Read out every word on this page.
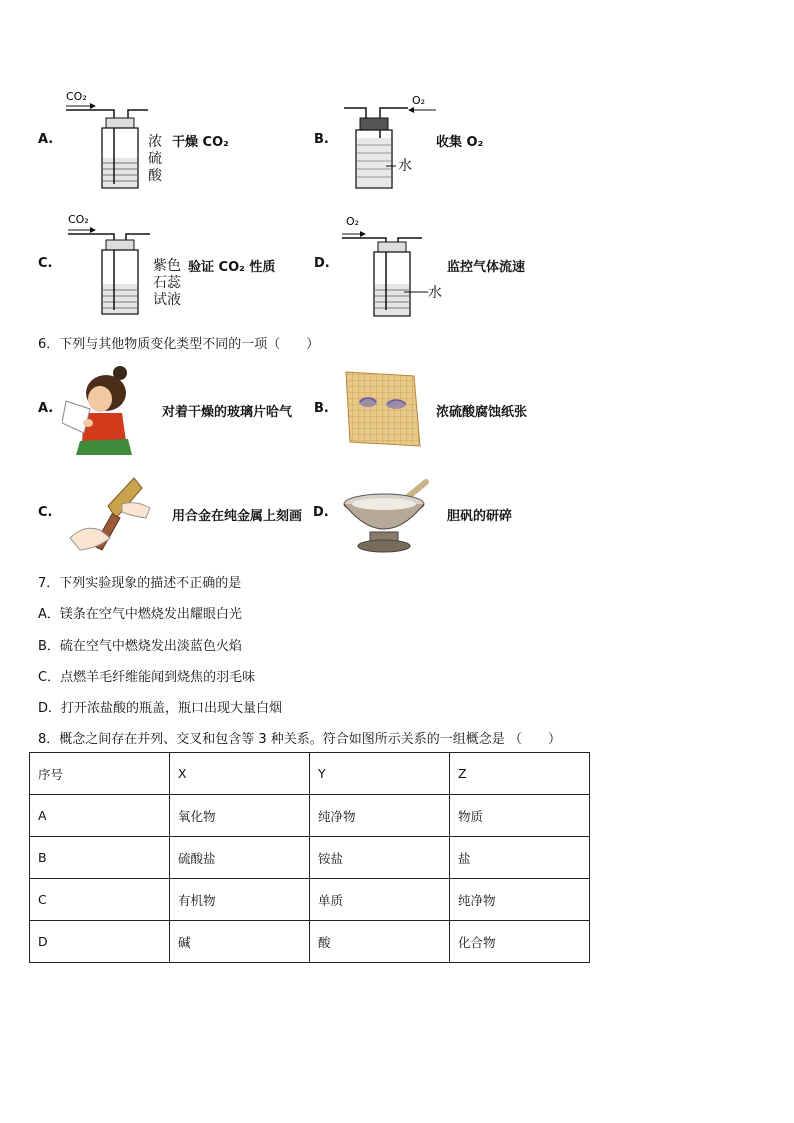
A.
CO₂
浓
硫
酸
干燥 CO₂	B.
O₂
水
收集 O₂
C.
CO₂
紫色
石蕊
试液
验证 CO₂ 性质	D.
O₂
水
监控气体流速
6．下列与其他物质变化类型不同的一项（　　）
A.	对着干燥的玻璃片哈气 B.	浓硫酸腐蚀纸张
C.	用合金在纯金属上刻画 D.	胆矾的研碎
7．下列实验现象的描述不正确的是
A．镁条在空气中燃烧发出耀眼白光
B．硫在空气中燃烧发出淡蓝色火焰
C．点燃羊毛纤维能闻到烧焦的羽毛味
D．打开浓盐酸的瓶盖，瓶口出现大量白烟
8．概念之间存在并列、交叉和包含等 3 种关系。符合如图所示关系的一组概念是 （　　）
序号	X	Y	Z
A	氧化物	纯净物	物质
B	硫酸盐	铵盐	盐
C	有机物	单质	纯净物
D	碱	酸	化合物
